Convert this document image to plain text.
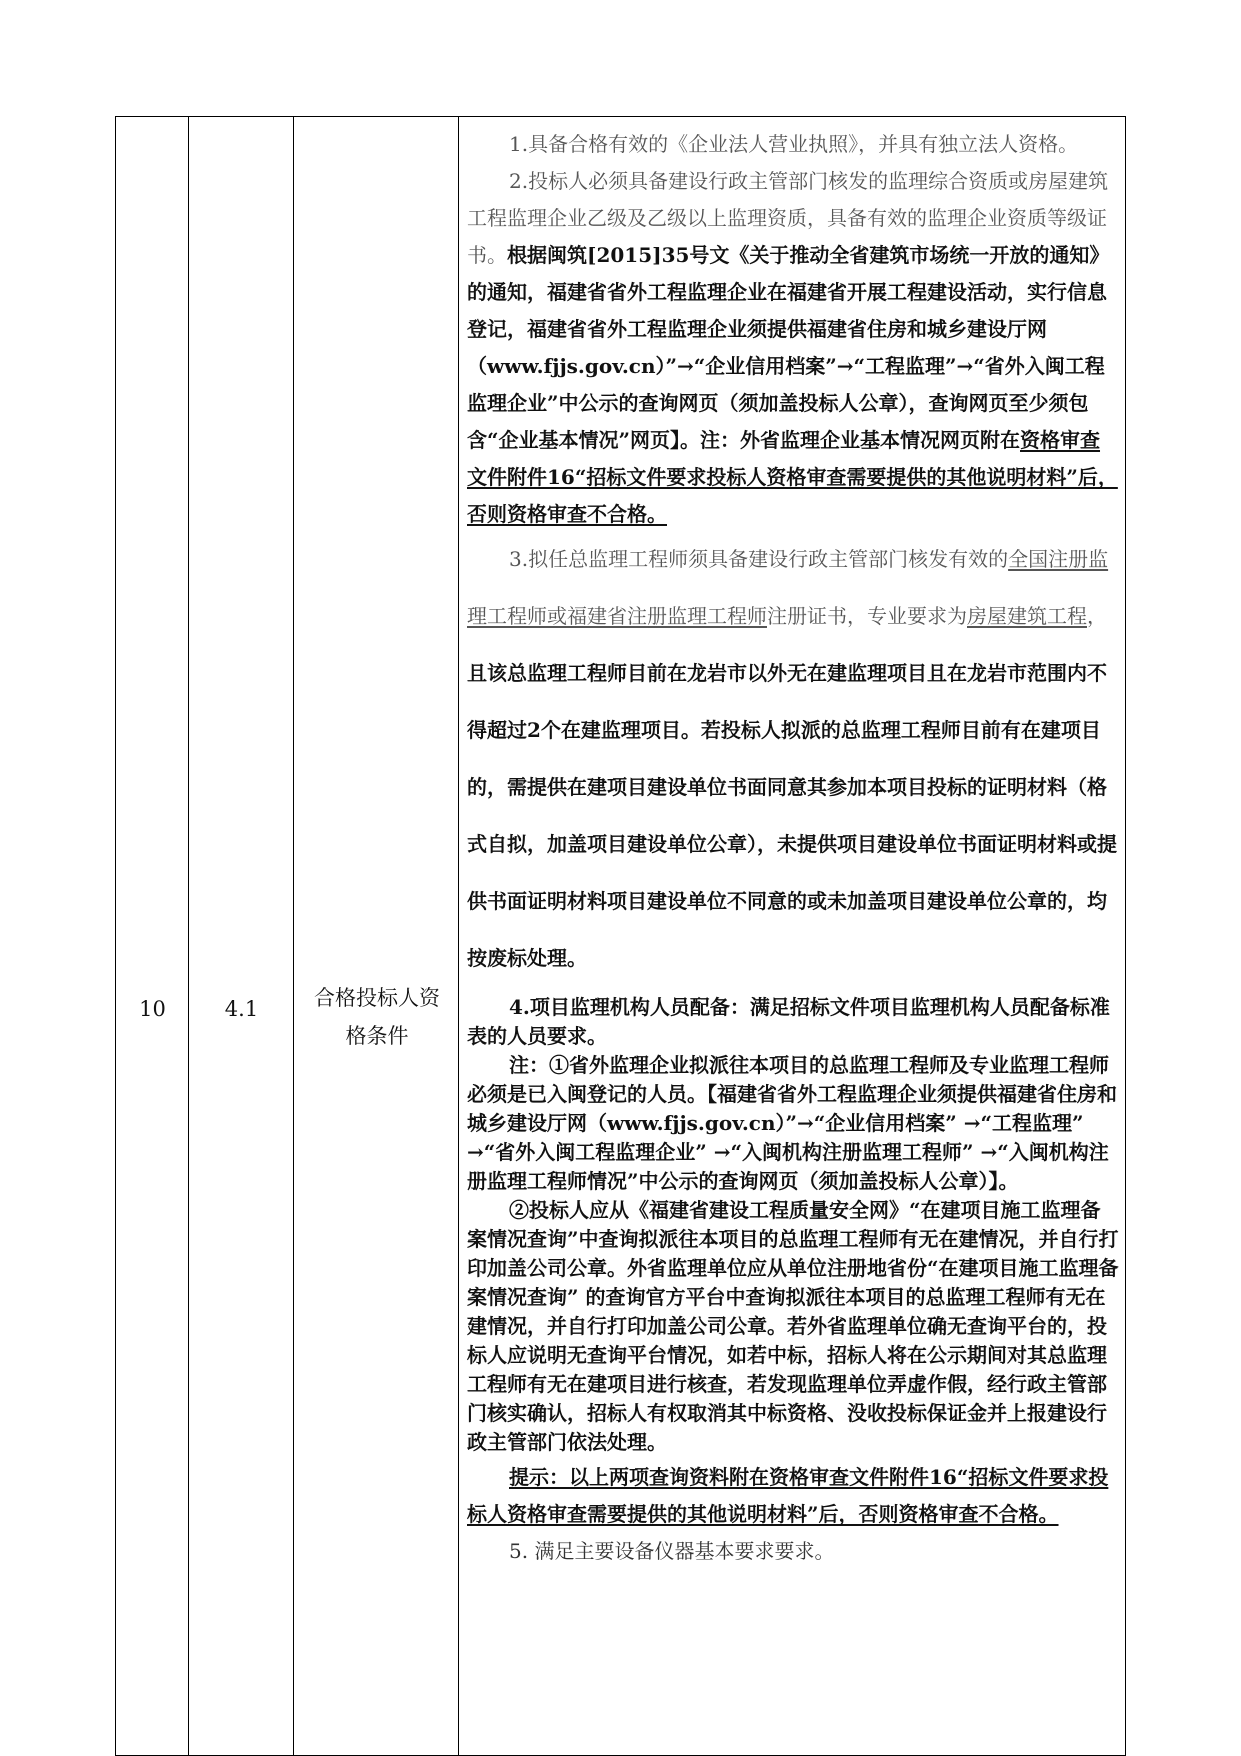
10	4.1	合格投标人资
格条件
1.具备合格有效的《企业法人营业执照》，并具有独立法人资格。
2.投标人必须具备建设行政主管部门核发的监理综合资质或房屋建筑工程监理企业乙级及乙级以上监理资质，具备有效的监理企业资质等级证书。根据闽筑[2015]35号文《关于推动全省建筑市场统一开放的通知》的通知，福建省省外工程监理企业在福建省开展工程建设活动，实行信息登记，福建省省外工程监理企业须提供福建省住房和城乡建设厅网（www.fjjs.gov.cn）”→“企业信用档案”→“工程监理”→“省外入闽工程监理企业”中公示的查询网页（须加盖投标人公章），查询网页至少须包含“企业基本情况”网页】。注：外省监理企业基本情况网页附在资格审查文件附件16“招标文件要求投标人资格审查需要提供的其他说明材料”后，否则资格审查不合格。
3.拟任总监理工程师须具备建设行政主管部门核发有效的全国注册监理工程师或福建省注册监理工程师注册证书，专业要求为房屋建筑工程，且该总监理工程师目前在龙岩市以外无在建监理项目且在龙岩市范围内不得超过2个在建监理项目。若投标人拟派的总监理工程师目前有在建项目的，需提供在建项目建设单位书面同意其参加本项目投标的证明材料（格式自拟，加盖项目建设单位公章），未提供项目建设单位书面证明材料或提供书面证明材料项目建设单位不同意的或未加盖项目建设单位公章的，均按废标处理。
4.项目监理机构人员配备：满足招标文件项目监理机构人员配备标准表的人员要求。
注：①省外监理企业拟派往本项目的总监理工程师及专业监理工程师必须是已入闽登记的人员。【福建省省外工程监理企业须提供福建省住房和城乡建设厅网（www.fjjs.gov.cn）”→“企业信用档案” →“工程监理” →“省外入闽工程监理企业” →“入闽机构注册监理工程师” →“入闽机构注册监理工程师情况”中公示的查询网页（须加盖投标人公章）】。
②投标人应从《福建省建设工程质量安全网》“在建项目施工监理备案情况查询”中查询拟派往本项目的总监理工程师有无在建情况，并自行打印加盖公司公章。外省监理单位应从单位注册地省份“在建项目施工监理备案情况查询” 的查询官方平台中查询拟派往本项目的总监理工程师有无在建情况，并自行打印加盖公司公章。若外省监理单位确无查询平台的，投标人应说明无查询平台情况，如若中标，招标人将在公示期间对其总监理工程师有无在建项目进行核查，若发现监理单位弄虚作假，经行政主管部门核实确认，招标人有权取消其中标资格、没收投标保证金并上报建设行政主管部门依法处理。
提示：以上两项查询资料附在资格审查文件附件16“招标文件要求投标人资格审查需要提供的其他说明材料”后，否则资格审查不合格。
5. 满足主要设备仪器基本要求要求。
